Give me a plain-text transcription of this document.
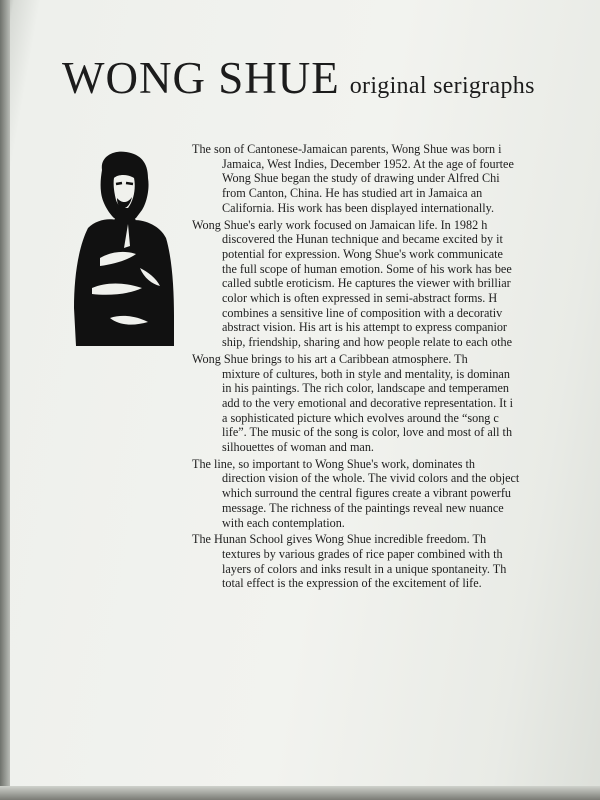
WONG SHUE original serigraphs
The son of Cantonese-Jamaican parents, Wong Shue was born i
Jamaica, West Indies, December 1952. At the age of fourtee
Wong Shue began the study of drawing under Alfred Chi
from Canton, China. He has studied art in Jamaica an
California. His work has been displayed internationally.
Wong Shue's early work focused on Jamaican life. In 1982 h
discovered the Hunan technique and became excited by it
potential for expression. Wong Shue's work communicate
the full scope of human emotion. Some of his work has bee
called subtle eroticism. He captures the viewer with brilliar
color which is often expressed in semi-abstract forms. H
combines a sensitive line of composition with a decorativ
abstract vision. His art is his attempt to express companior
ship, friendship, sharing and how people relate to each othe
Wong Shue brings to his art a Caribbean atmosphere. Th
mixture of cultures, both in style and mentality, is dominan
in his paintings. The rich color, landscape and temperamen
add to the very emotional and decorative representation. It i
a sophisticated picture which evolves around the “song c
life”. The music of the song is color, love and most of all th
silhouettes of woman and man.
The line, so important to Wong Shue's work, dominates th
direction vision of the whole. The vivid colors and the object
which surround the central figures create a vibrant powerfu
message. The richness of the paintings reveal new nuance
with each contemplation.
The Hunan School gives Wong Shue incredible freedom. Th
textures by various grades of rice paper combined with th
layers of colors and inks result in a unique spontaneity. Th
total effect is the expression of the excitement of life.
